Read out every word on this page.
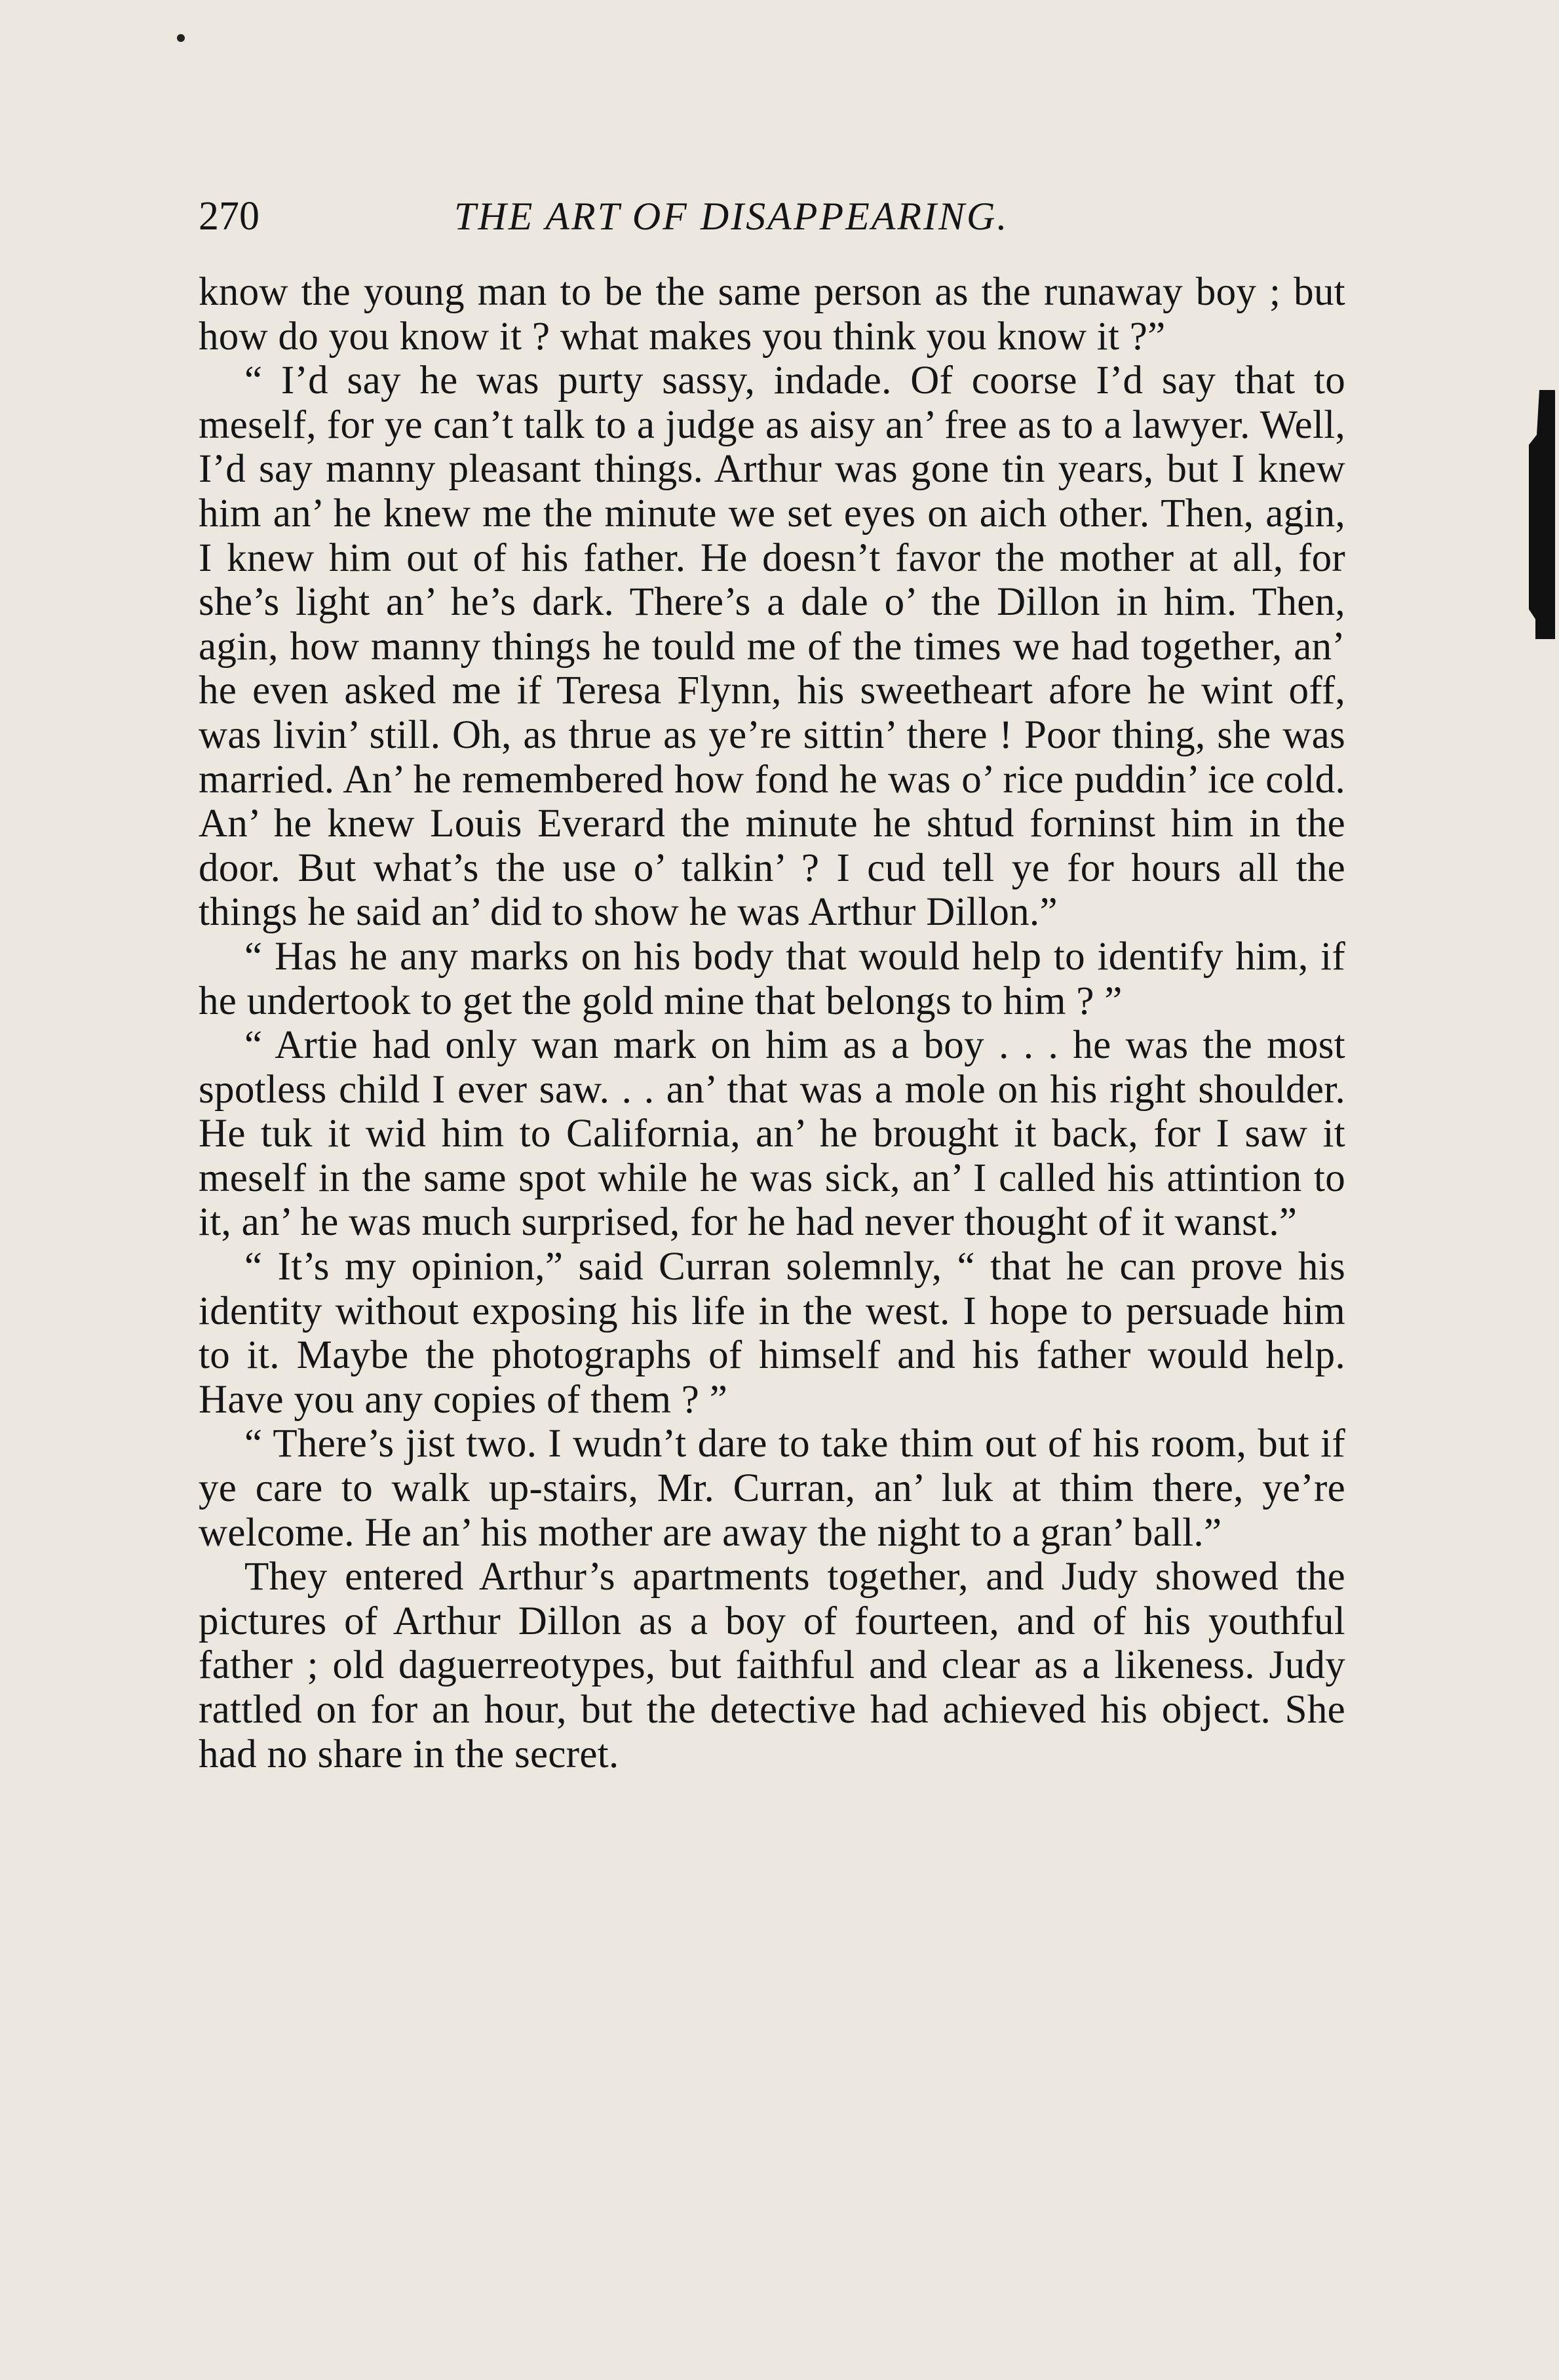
270	THE ART OF DISAPPEARING.

know the young man to be the same person as the runaway boy ; but how do you know it ? what makes you think you know it ?”

“ I’d say he was purty sassy, indade. Of coorse I’d say that to meself, for ye can’t talk to a judge as aisy an’ free as to a lawyer. Well, I’d say manny pleasant things. Arthur was gone tin years, but I knew him an’ he knew me the minute we set eyes on aich other. Then, agin, I knew him out of his father. He doesn’t favor the mother at all, for she’s light an’ he’s dark. There’s a dale o’ the Dillon in him. Then, agin, how manny things he tould me of the times we had together, an’ he even asked me if Teresa Flynn, his sweetheart afore he wint off, was livin’ still. Oh, as thrue as ye’re sittin’ there ! Poor thing, she was married. An’ he remembered how fond he was o’ rice puddin’ ice cold. An’ he knew Louis Everard the minute he shtud forninst him in the door. But what’s the use o’ talkin’ ? I cud tell ye for hours all the things he said an’ did to show he was Arthur Dillon.”

“ Has he any marks on his body that would help to identify him, if he undertook to get the gold mine that belongs to him ? ”

“ Artie had only wan mark on him as a boy . . . he was the most spotless child I ever saw. . . an’ that was a mole on his right shoulder. He tuk it wid him to California, an’ he brought it back, for I saw it meself in the same spot while he was sick, an’ I called his attintion to it, an’ he was much surprised, for he had never thought of it wanst.”

“ It’s my opinion,” said Curran solemnly, “ that he can prove his identity without exposing his life in the west. I hope to persuade him to it. Maybe the photographs of himself and his father would help. Have you any copies of them ? ”

“ There’s jist two. I wudn’t dare to take thim out of his room, but if ye care to walk up-stairs, Mr. Curran, an’ luk at thim there, ye’re welcome. He an’ his mother are away the night to a gran’ ball.”

They entered Arthur’s apartments together, and Judy showed the pictures of Arthur Dillon as a boy of fourteen, and of his youthful father ; old daguerreotypes, but faithful and clear as a likeness. Judy rattled on for an hour, but the detective had achieved his object. She had no share in the secret.
